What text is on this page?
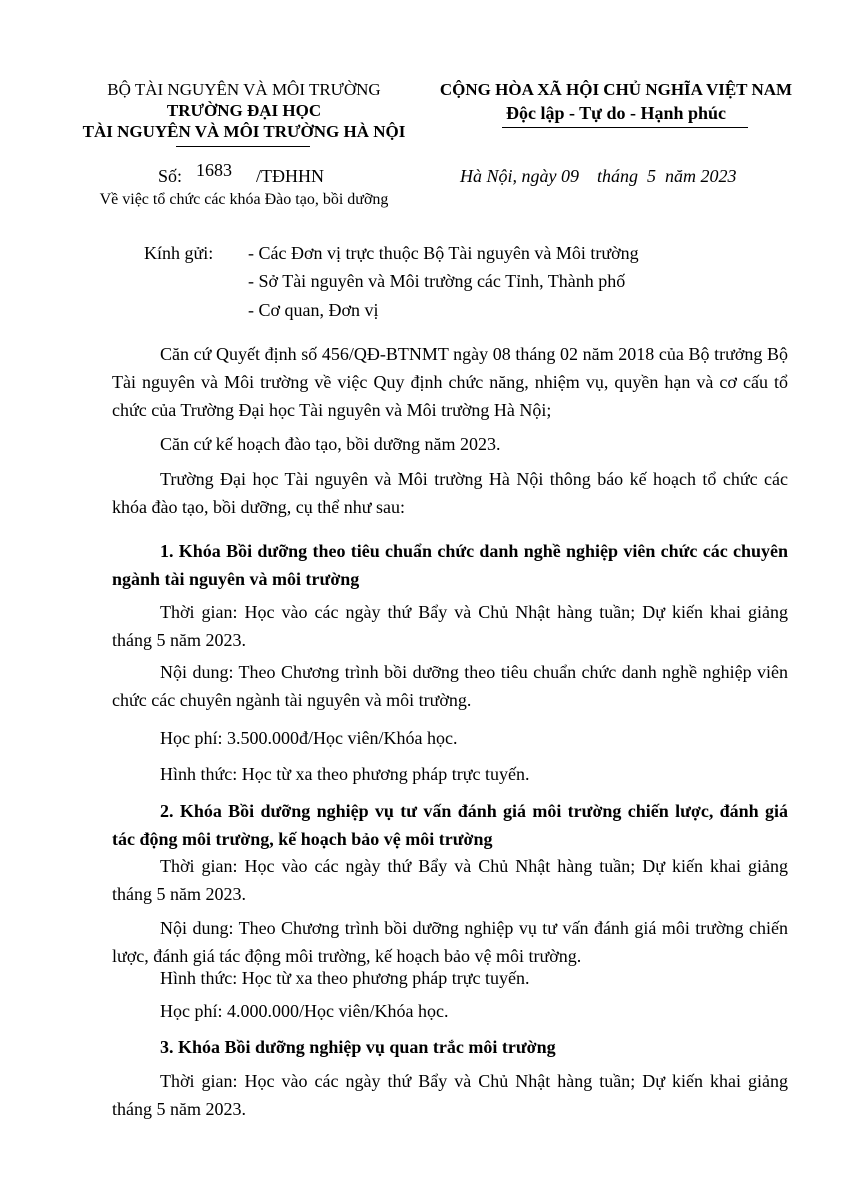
BỘ TÀI NGUYÊN VÀ MÔI TRƯỜNG
TRƯỜNG ĐẠI HỌC
TÀI NGUYÊN VÀ MÔI TRƯỜNG HÀ NỘI
Số: 1683 /TĐHHN
Về việc tổ chức các khóa Đào tạo, bồi dưỡng
CỘNG HÒA XÃ HỘI CHỦ NGHĨA VIỆT NAM
Độc lập - Tự do - Hạnh phúc
Hà Nội, ngày 09    tháng  5  năm 2023
Kính gửi: - Các Đơn vị trực thuộc Bộ Tài nguyên và Môi trường
- Sở Tài nguyên và Môi trường các Tỉnh, Thành phố
- Cơ quan, Đơn vị
Căn cứ Quyết định số 456/QĐ-BTNMT ngày 08 tháng 02 năm 2018 của Bộ trưởng Bộ Tài nguyên và Môi trường về việc Quy định chức năng, nhiệm vụ, quyền hạn và cơ cấu tổ chức của Trường Đại học Tài nguyên và Môi trường Hà Nội;
Căn cứ kế hoạch đào tạo, bồi dưỡng năm 2023.
Trường Đại học Tài nguyên và Môi trường Hà Nội thông báo kế hoạch tổ chức các khóa đào tạo, bồi dưỡng, cụ thể như sau:
1. Khóa Bồi dưỡng theo tiêu chuẩn chức danh nghề nghiệp viên chức các chuyên ngành tài nguyên và môi trường
Thời gian: Học vào các ngày thứ Bẩy và Chủ Nhật hàng tuần; Dự kiến khai giảng tháng 5 năm 2023.
Nội dung: Theo Chương trình bồi dưỡng theo tiêu chuẩn chức danh nghề nghiệp viên chức các chuyên ngành tài nguyên và môi trường.
Học phí: 3.500.000đ/Học viên/Khóa học.
Hình thức: Học từ xa theo phương pháp trực tuyến.
2. Khóa Bồi dưỡng nghiệp vụ tư vấn đánh giá môi trường chiến lược, đánh giá tác động môi trường, kế hoạch bảo vệ môi trường
Thời gian: Học vào các ngày thứ Bẩy và Chủ Nhật hàng tuần; Dự kiến khai giảng tháng 5 năm 2023.
Nội dung: Theo Chương trình bồi dưỡng nghiệp vụ tư vấn đánh giá môi trường chiến lược, đánh giá tác động môi trường, kế hoạch bảo vệ môi trường.
Hình thức: Học từ xa theo phương pháp trực tuyến.
Học phí: 4.000.000/Học viên/Khóa học.
3. Khóa Bồi dưỡng nghiệp vụ quan trắc môi trường
Thời gian: Học vào các ngày thứ Bẩy và Chủ Nhật hàng tuần; Dự kiến khai giảng tháng 5 năm 2023.
